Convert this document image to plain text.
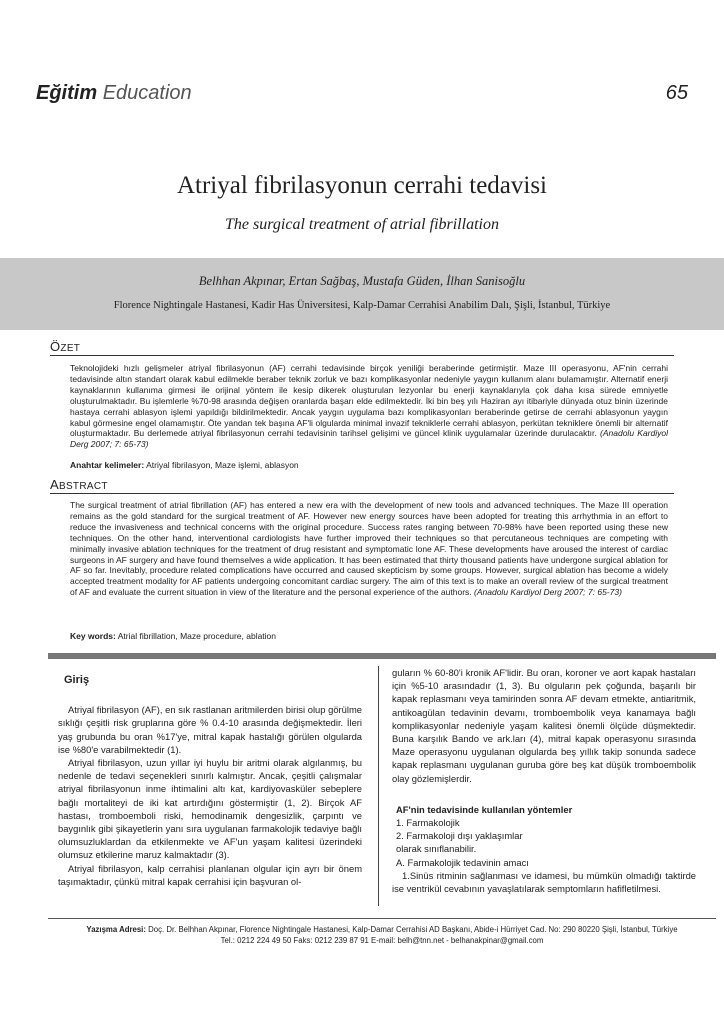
Eğitim Education	65
Atriyal fibrilasyonun cerrahi tedavisi
The surgical treatment of atrial fibrillation
Belhhan Akpınar, Ertan Sağbaş, Mustafa Güden, İlhan Sanisoğlu
Florence Nightingale Hastanesi, Kadir Has Üniversitesi, Kalp-Damar Cerrahisi Anabilim Dalı, Şişli, İstanbul, Türkiye
ÖZET
Teknolojideki hızlı gelişmeler atriyal fibrilasyonun (AF) cerrahi tedavisinde birçok yeniliği beraberinde getirmiştir. Maze III operasyonu, AF'nin cerrahi tedavisinde altın standart olarak kabul edilmekle beraber teknik zorluk ve bazı komplikasyonlar nedeniyle yaygın kullanım alanı bulamamıştır. Alternatif enerji kaynaklarının kullanıma girmesi ile orijinal yöntem ile kesip dikerek oluşturulan lezyonlar bu enerji kaynaklarıyla çok daha kısa sürede emniyetle oluşturulmaktadır. Bu işlemlerle %70-98 arasında değişen oranlarda başarı elde edilmektedir. İki bin beş yılı Haziran ayı itibariyle dünyada otuz binin üzerinde hastaya cerrahi ablasyon işlemi yapıldığı bildirilmektedir. Ancak yaygın uygulama bazı komplikasyonları beraberinde getirse de cerrahi ablasyonun yaygın kabul görmesine engel olamamıştır. Öte yandan tek başına AF'li olgularda minimal invazif tekniklerle cerrahi ablasyon, perkütan tekniklere önemli bir alternatif oluşturmaktadır. Bu derlemede atriyal fibrilasyonun cerrahi tedavisinin tarihsel gelişimi ve güncel klinik uygulamalar üzerinde durulacaktır. (Anadolu Kardiyol Derg 2007; 7: 65-73)
Anahtar kelimeler: Atriyal fibrilasyon, Maze işlemi, ablasyon
ABSTRACT
The surgical treatment of atrial fibrillation (AF) has entered a new era with the development of new tools and advanced techniques. The Maze III operation remains as the gold standard for the surgical treatment of AF. However new energy sources have been adopted for treating this arrhythmia in an effort to reduce the invasiveness and technical concerns with the original procedure. Success rates ranging between 70-98% have been reported using these new techniques. On the other hand, interventional cardiologists have further improved their techniques so that percutaneous techniques are competing with minimally invasive ablation techniques for the treatment of drug resistant and symptomatic lone AF. These developments have aroused the interest of cardiac surgeons in AF surgery and have found themselves a wide application. It has been estimated that thirty thousand patients have undergone surgical ablation for AF so far. Inevitably, procedure related complications have occurred and caused skepticism by some groups. However, surgical ablation has become a widely accepted treatment modality for AF patients undergoing concomitant cardiac surgery. The aim of this text is to make an overall review of the surgical treatment of AF and evaluate the current situation in view of the literature and the personal experience of the authors. (Anadolu Kardiyol Derg 2007; 7: 65-73)
Key words: Atrial fibrillation, Maze procedure, ablation
Giriş

Atriyal fibrilasyon (AF), en sık rastlanan aritmilerden birisi olup görülme sıklığı çeşitli risk gruplarına göre % 0.4-10 arasında değişmektedir. İleri yaş grubunda bu oran %17'ye, mitral kapak hastalığı görülen olgularda ise %80'e varabilmektedir (1).

Atriyal fibrilasyon, uzun yıllar iyi huylu bir aritmi olarak algılanmış, bu nedenle de tedavi seçenekleri sınırlı kalmıştır. Ancak, çeşitli çalışmalar atriyal fibrilasyonun inme ihtimalini altı kat, kardiyovasküler sebeplere bağlı mortaliteyi de iki kat artırdığını göstermiştir (1, 2). Birçok AF hastası, tromboemboli riski, hemodinamik dengesizlik, çarpıntı ve baygınlık gibi şikayetlerin yanı sıra uygulanan farmakolojik tedaviye bağlı olumsuzluklardan da etkilenmekte ve AF'un yaşam kalitesi üzerindeki olumsuz etkilerine maruz kalmaktadır (3).

Atriyal fibrilasyon, kalp cerrahisi planlanan olgular için ayrı bir önem taşımaktadır, çünkü mitral kapak cerrahisi için başvuran ol-

guların % 60-80'i kronik AF'lidir. Bu oran, koroner ve aort kapak hastaları için %5-10 arasındadır (1, 3). Bu olguların pek çoğunda, başarılı bir kapak replasmanı veya tamirinden sonra AF devam etmekte, antiaritmik, antikoagülan tedavinin devamı, tromboembolik veya kanamaya bağlı komplikasyonlar nedeniyle yaşam kalitesi önemli ölçüde düşmektedir. Buna karşılık Bando ve ark.ları (4), mitral kapak operasyonu sırasında Maze operasyonu uygulanan olgularda beş yıllık takip sonunda sadece kapak replasmanı uygulanan guruba göre beş kat düşük tromboembolik olay gözlemişlerdir.

AF'nin tedavisinde kullanılan yöntemler
1. Farmakolojik
2. Farmakoloji dışı yaklaşımlar
olarak sınıflanabilir.
A. Farmakolojik tedavinin amacı

1.Sinüs ritminin sağlanması ve idamesi, bu mümkün olmadığı taktirde ise ventrikül cevabının yavaşlatılarak semptomların hafifletilmesi.

Yazışma Adresi: Doç. Dr. Belhhan Akpınar, Florence Nightingale Hastanesi, Kalp-Damar Cerrahisi AD Başkanı, Abide-i Hürriyet Cad. No: 290 80220 Şişli, İstanbul, Türkiye
Tel.: 0212 224 49 50 Faks: 0212 239 87 91 E-mail: belh@tnn.net - belhanakpinar@gmail.com
